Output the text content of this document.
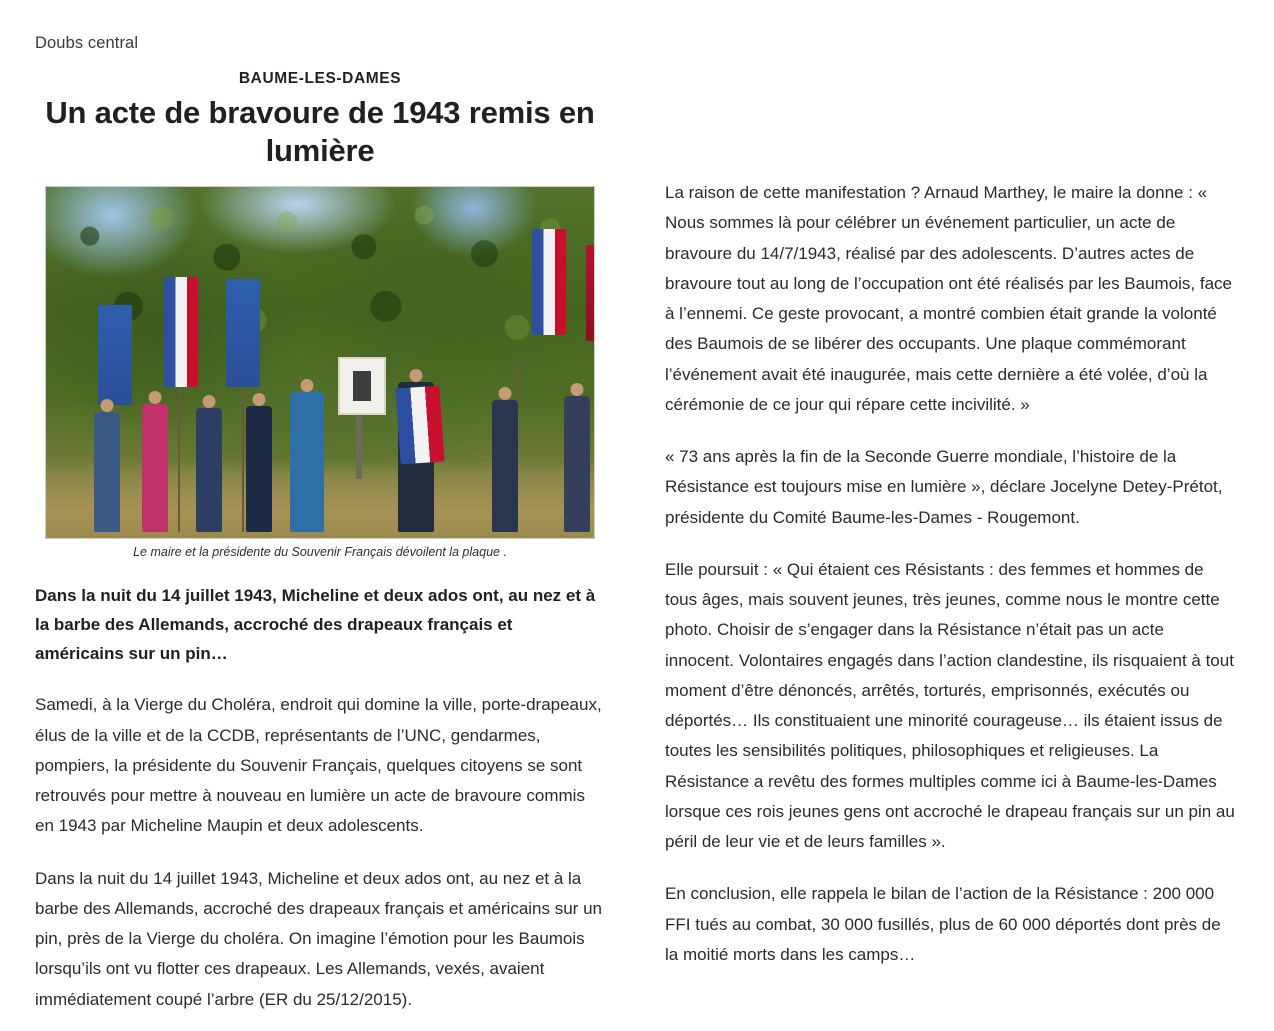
Doubs central
BAUME-LES-DAMES
Un acte de bravoure de 1943 remis en lumière
Le maire et la présidente du Souvenir Français dévoilent la plaque .

Dans la nuit du 14 juillet 1943, Micheline et deux ados ont, au nez et à la barbe des Allemands, accroché des drapeaux français et américains sur un pin…

Samedi, à la Vierge du Choléra, endroit qui domine la ville, porte-drapeaux, élus de la ville et de la CCDB, représentants de l’UNC, gendarmes, pompiers, la présidente du Souvenir Français, quelques citoyens se sont retrouvés pour mettre à nouveau en lumière un acte de bravoure commis en 1943 par Micheline Maupin et deux adolescents.

Dans la nuit du 14 juillet 1943, Micheline et deux ados ont, au nez et à la barbe des Allemands, accroché des drapeaux français et américains sur un pin, près de la Vierge du choléra. On imagine l’émotion pour les Baumois lorsqu’ils ont vu flotter ces drapeaux. Les Allemands, vexés, avaient immédiatement coupé l’arbre (ER du 25/12/2015).

La raison de cette manifestation ? Arnaud Marthey, le maire la donne : « Nous sommes là pour célébrer un événement particulier, un acte de bravoure du 14/7/1943, réalisé par des adolescents. D’autres actes de bravoure tout au long de l’occupation ont été réalisés par les Baumois, face à l’ennemi. Ce geste provocant, a montré combien était grande la volonté des Baumois de se libérer des occupants. Une plaque commémorant l’événement avait été inaugurée, mais cette dernière a été volée, d’où la cérémonie de ce jour qui répare cette incivilité. »

« 73 ans après la fin de la Seconde Guerre mondiale, l’histoire de la Résistance est toujours mise en lumière », déclare Jocelyne Detey-Prétot, présidente du Comité Baume-les-Dames - Rougemont.

Elle poursuit : « Qui étaient ces Résistants : des femmes et hommes de tous âges, mais souvent jeunes, très jeunes, comme nous le montre cette photo. Choisir de s’engager dans la Résistance n’était pas un acte innocent. Volontaires engagés dans l’action clandestine, ils risquaient à tout moment d’être dénoncés, arrêtés, torturés, emprisonnés, exécutés ou déportés… Ils constituaient une minorité courageuse… ils étaient issus de toutes les sensibilités politiques, philosophiques et religieuses. La Résistance a revêtu des formes multiples comme ici à Baume-les-Dames lorsque ces rois jeunes gens ont accroché le drapeau français sur un pin au péril de leur vie et de leurs familles ».

En conclusion, elle rappela le bilan de l’action de la Résistance : 200 000 FFI tués au combat, 30 000 fusillés, plus de 60 000 déportés dont près de la moitié morts dans les camps…
